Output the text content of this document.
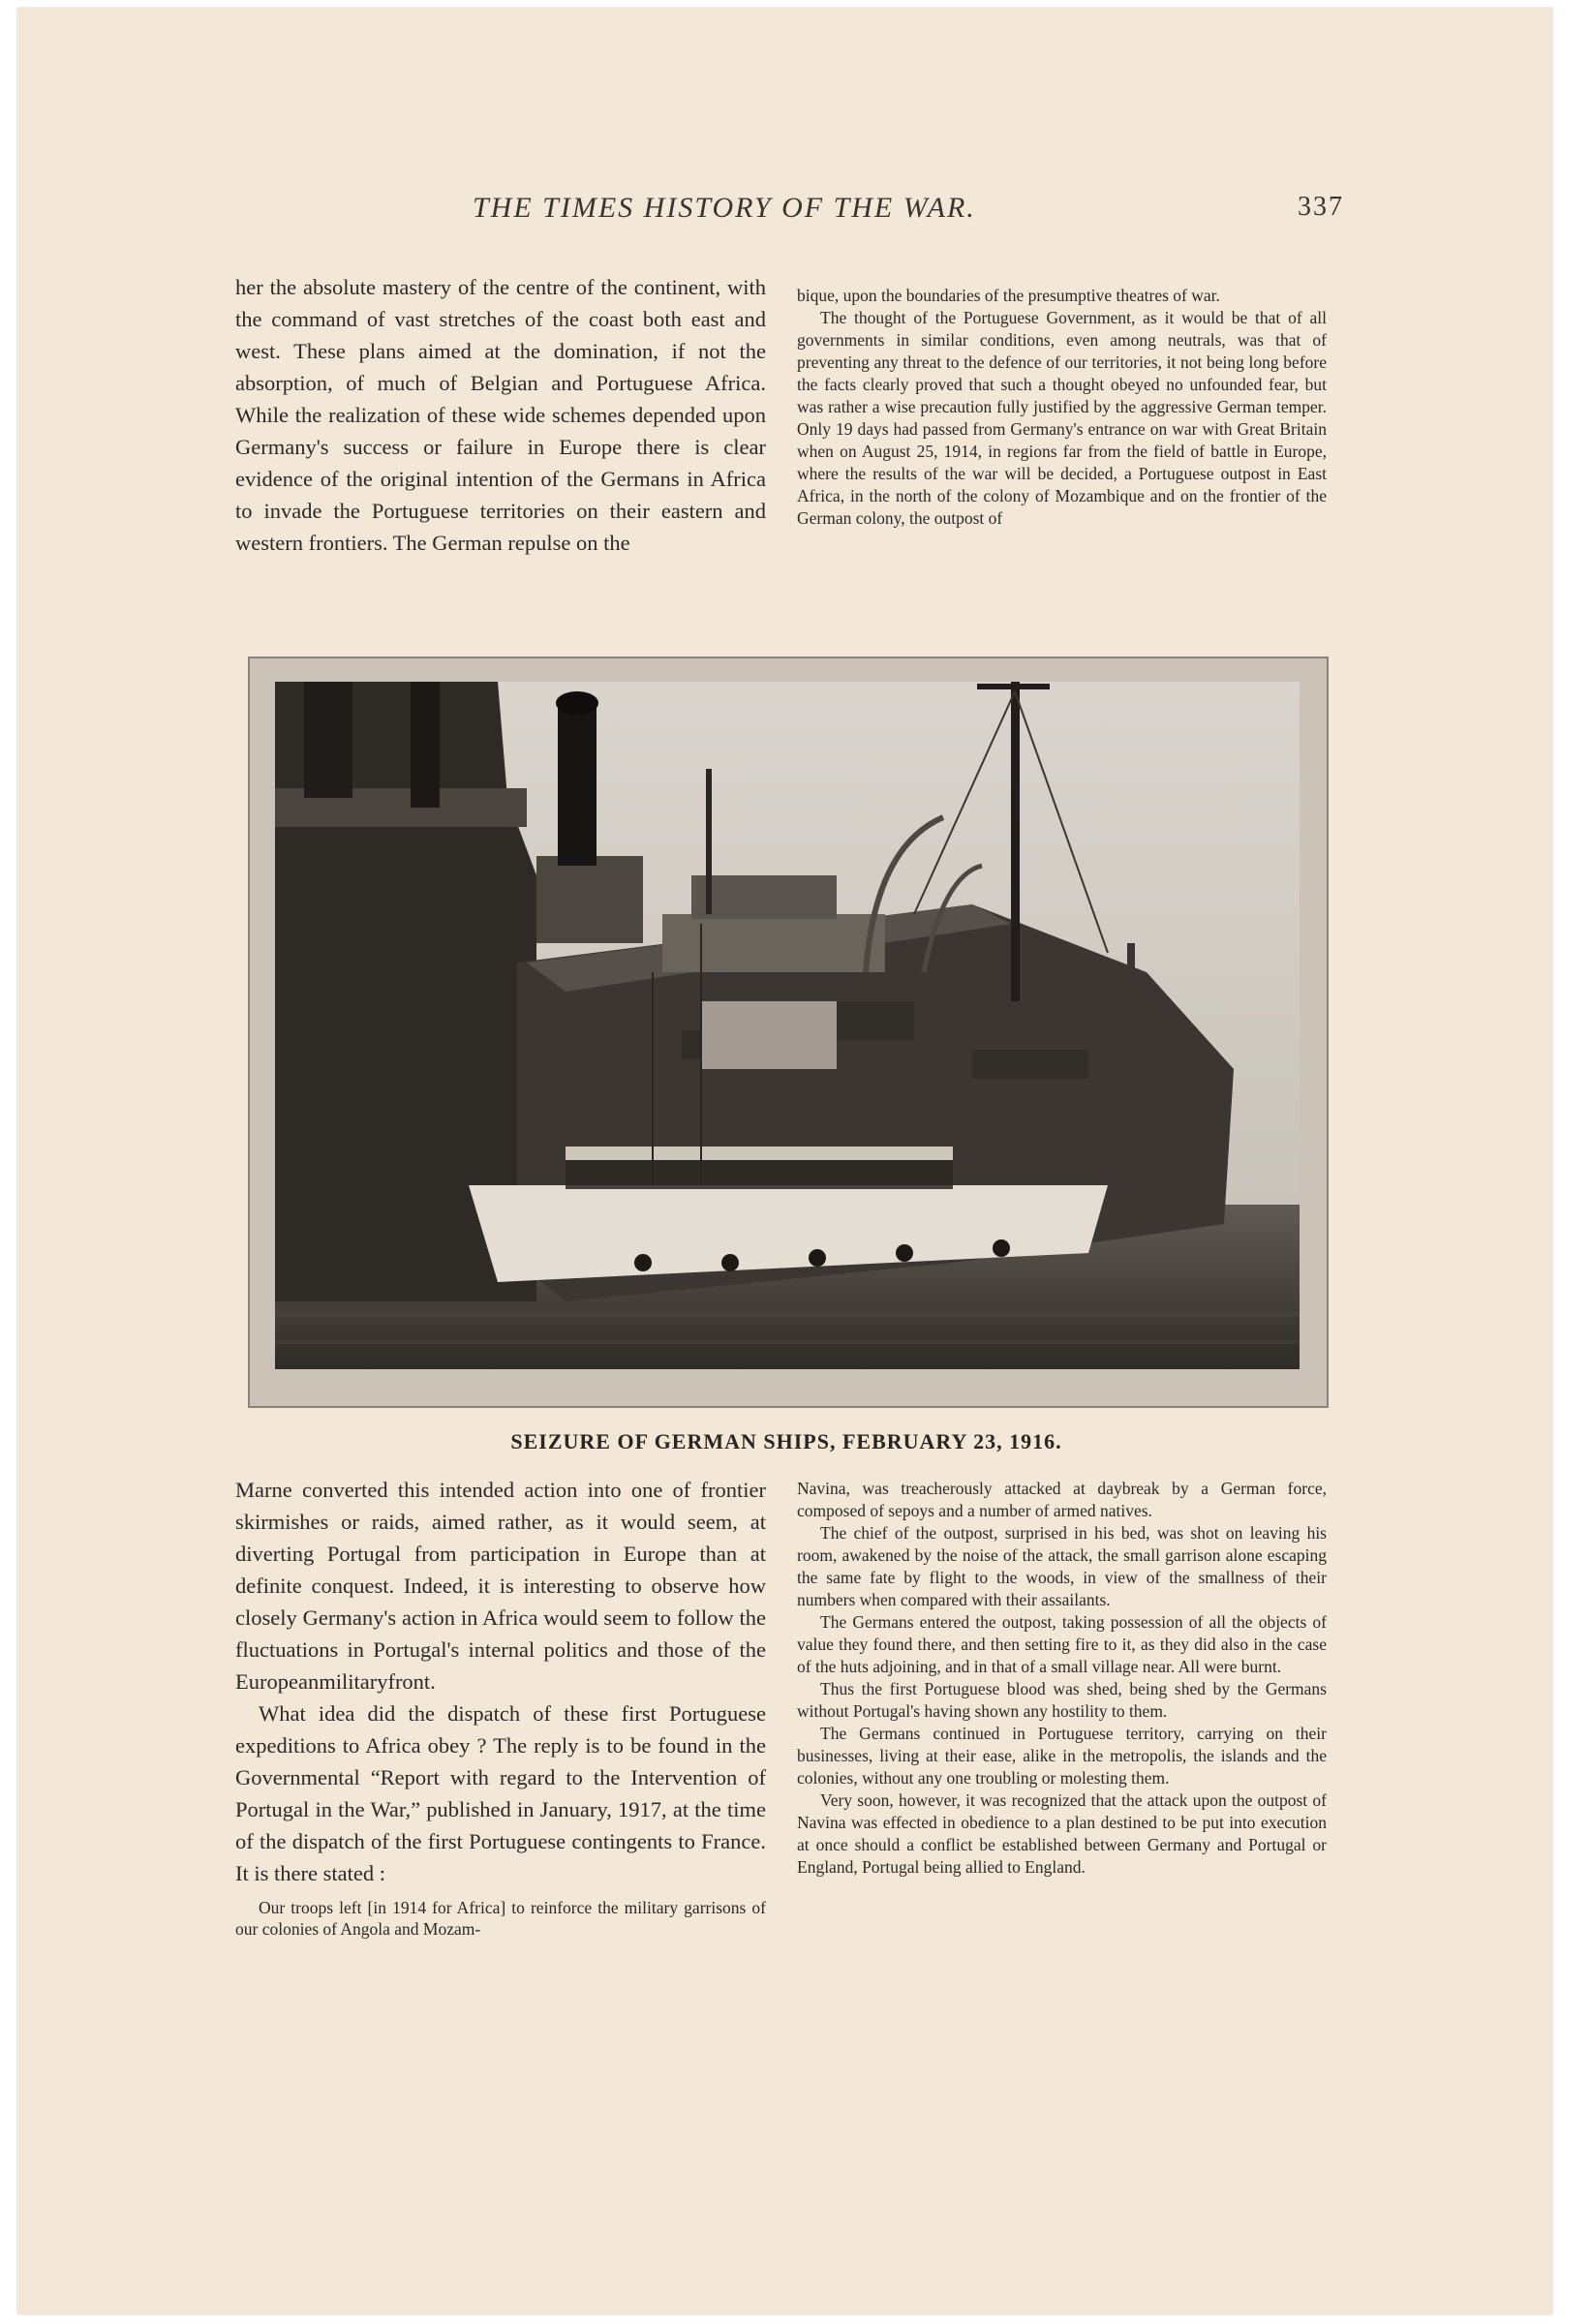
THE TIMES HISTORY OF THE WAR.	337

her the absolute mastery of the centre of the continent, with the command of vast stretches of the coast both east and west. These plans aimed at the domination, if not the absorption, of much of Belgian and Portuguese Africa. While the realization of these wide schemes depended upon Germany's success or failure in Europe there is clear evidence of the original intention of the Germans in Africa to invade the Portuguese territories on their eastern and western frontiers. The German repulse on the

bique, upon the boundaries of the presumptive theatres of war.

The thought of the Portuguese Government, as it would be that of all governments in similar conditions, even among neutrals, was that of preventing any threat to the defence of our territories, it not being long before the facts clearly proved that such a thought obeyed no unfounded fear, but was rather a wise precaution fully justified by the aggressive German temper. Only 19 days had passed from Germany's entrance on war with Great Britain when on August 25, 1914, in regions far from the field of battle in Europe, where the results of the war will be decided, a Portuguese outpost in East Africa, in the north of the colony of Mozambique and on the frontier of the German colony, the outpost of

SEIZURE OF GERMAN SHIPS, FEBRUARY 23, 1916.

Marne converted this intended action into one of frontier skirmishes or raids, aimed rather, as it would seem, at diverting Portugal from participation in Europe than at definite conquest. Indeed, it is interesting to observe how closely Germany's action in Africa would seem to follow the fluctuations in Portugal's internal politics and those of the Europeanmilitaryfront.

What idea did the dispatch of these first Portuguese expeditions to Africa obey ? The reply is to be found in the Governmental “Report with regard to the Intervention of Portugal in the War,” published in January, 1917, at the time of the dispatch of the first Portuguese contingents to France. It is there stated :

Our troops left [in 1914 for Africa] to reinforce the military garrisons of our colonies of Angola and Mozam-

Navina, was treacherously attacked at daybreak by a German force, composed of sepoys and a number of armed natives.

The chief of the outpost, surprised in his bed, was shot on leaving his room, awakened by the noise of the attack, the small garrison alone escaping the same fate by flight to the woods, in view of the smallness of their numbers when compared with their assailants.

The Germans entered the outpost, taking possession of all the objects of value they found there, and then setting fire to it, as they did also in the case of the huts adjoining, and in that of a small village near. All were burnt.

Thus the first Portuguese blood was shed, being shed by the Germans without Portugal's having shown any hostility to them.

The Germans continued in Portuguese territory, carrying on their businesses, living at their ease, alike in the metropolis, the islands and the colonies, without any one troubling or molesting them.

Very soon, however, it was recognized that the attack upon the outpost of Navina was effected in obedience to a plan destined to be put into execution at once should a conflict be established between Germany and Portugal or England, Portugal being allied to England.
